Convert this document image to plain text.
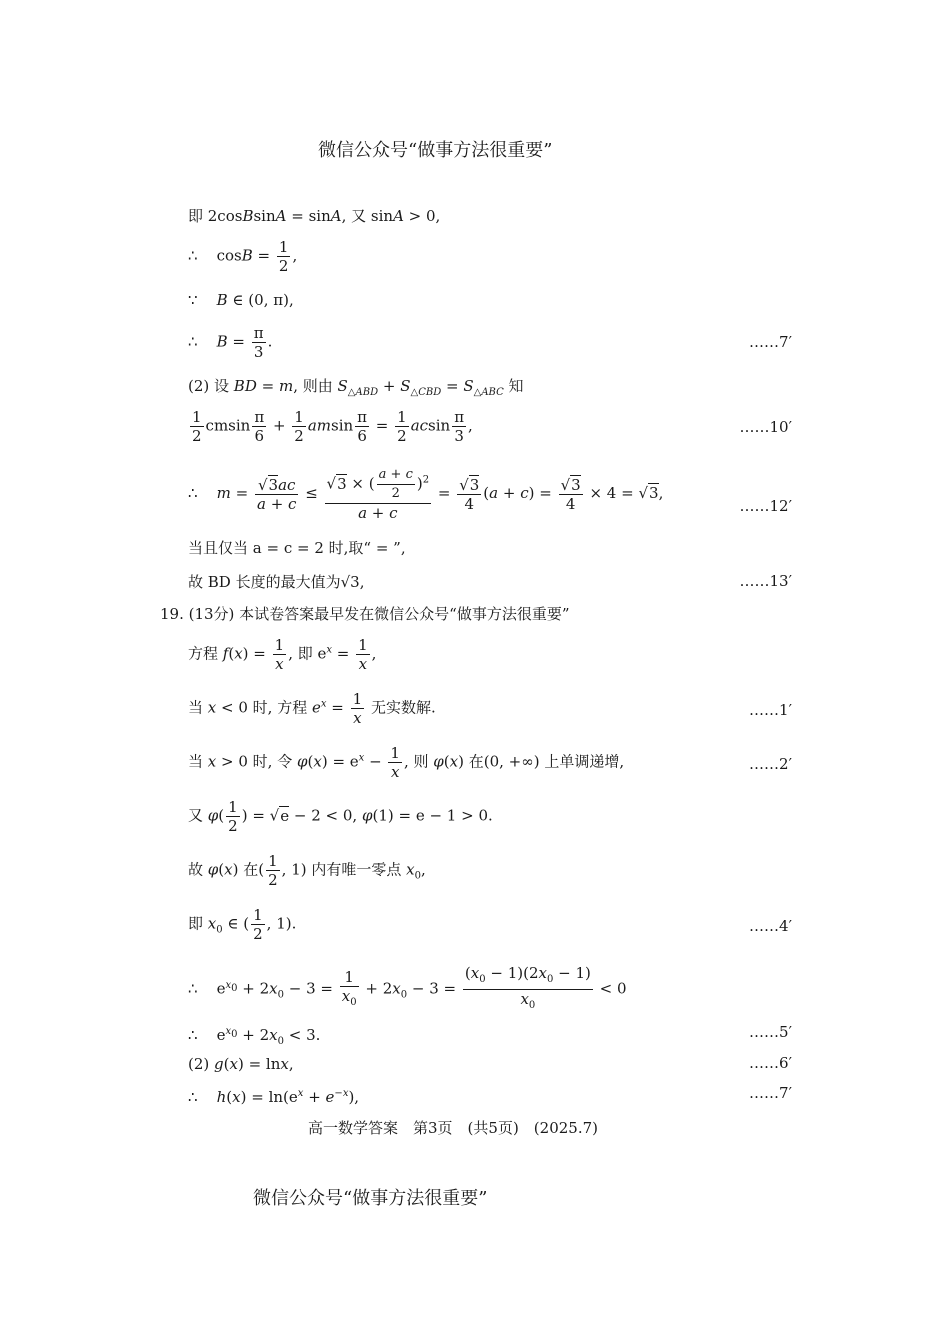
微信公众号“做事方法很重要”
即 2cosBsinA = sinA, 又 sinA > 0,
∴    $\cos B = \frac{1}{2}$ ,
∵    B ∈ (0, π),
∴    $B = \frac{\pi}{3}$ .	……7′
(2) 设 BD = m, 则由 $S_{\triangle ABD} + S_{\triangle CBD} = S_{\triangle ABC}$ 知
$\frac{1}{2}$ cmsin $\frac{\pi}{6} + \frac{1}{2}$ amsin $\frac{\pi}{6} = \frac{1}{2}$ acsin $\frac{\pi}{3}$ ,	……10′
∴    $m = \frac{√3ac}{a + c} \le \frac{√3 \times ( \frac{a + c}{2} )^2}{a + c} = \frac{√3}{4} (a + c) = \frac{√3}{4} \times 4 = √3$,
……12′
当且仅当 a = c = 2 时,取“ = ”,
故 BD 长度的最大值为√3,	……13′
19. (13分) 本试卷答案最早发在微信公众号“做事方法很重要”
方程 $f(x) = \frac{1}{x}$ , 即 $e^x = \frac{1}{x}$ ,
当 x < 0 时, 方程 $e^x = \frac{1}{x}$ 无实数解.	……1′
当 x > 0 时, 令 $\varphi(x) = e^x - \frac{1}{x}$ , 则 φ(x) 在(0, +∞) 上单调递增,	……2′
又 $\varphi( \frac{1}{2}$ ) = √e − 2 < 0, φ(1) = e − 1 > 0.
故 φ(x) 在( $\frac{1}{2}$ , 1) 内有唯一零点 $x_0$,
即 $x_0$ ∈ ( $\frac{1}{2}$ , 1).	……4′
∴    $e^{x_0} + 2x_0 - 3 = \frac{1}{x_0} + 2x_0 - 3 = \frac{(x_0 - 1)(2x_0 - 1)}{x_0} < 0$
∴    $e^{x_0} + 2x_0 < 3$.	……5′
(2) g(x) = lnx,	……6′
∴    $h(x) = \ln(e^x + e^{-x})$,	……7′
高一数学答案　第3页　(共5页)　(2025.7)
微信公众号“做事方法很重要”
